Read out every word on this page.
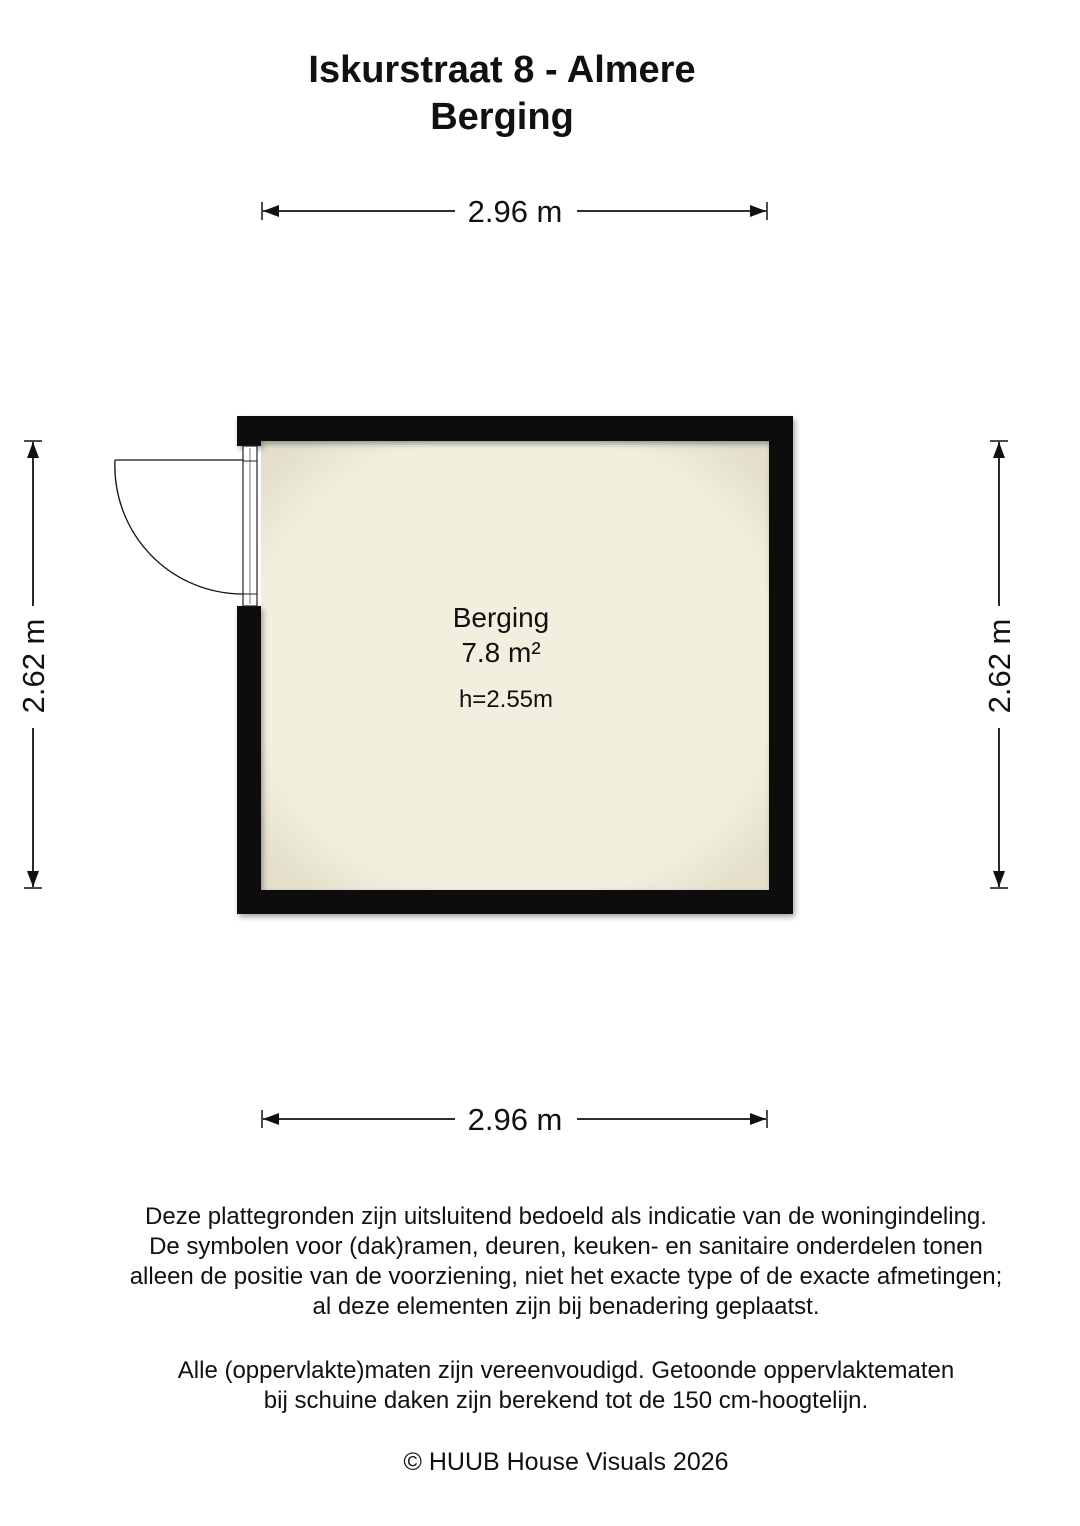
Iskurstraat 8 - Almere
Berging
2.96 m
2.96 m
2.62 m	2.62 m
Berging
7.8 m²
h=2.55m
Deze plattegronden zijn uitsluitend bedoeld als indicatie van de woningindeling.
De symbolen voor (dak)ramen, deuren, keuken- en sanitaire onderdelen tonen
alleen de positie van de voorziening, niet het exacte type of de exacte afmetingen;
al deze elementen zijn bij benadering geplaatst.
Alle (oppervlakte)maten zijn vereenvoudigd. Getoonde oppervlaktematen
bij schuine daken zijn berekend tot de 150 cm-hoogtelijn.
© HUUB House Visuals 2026
